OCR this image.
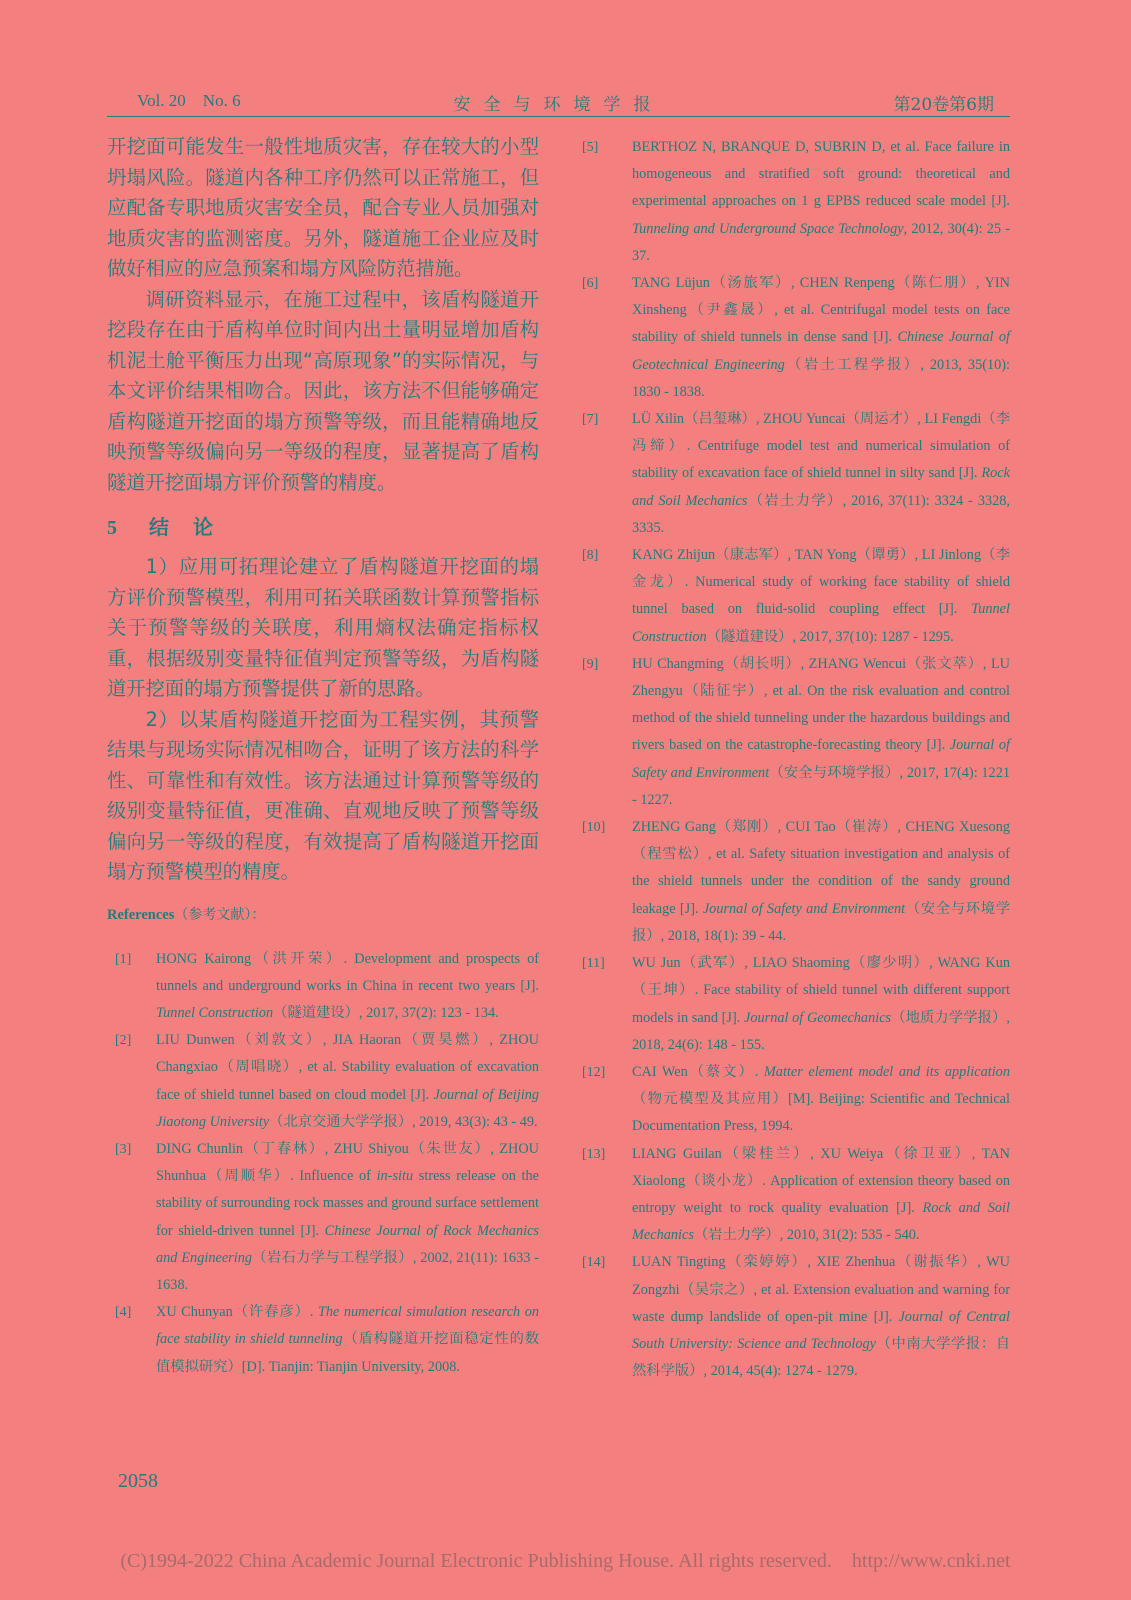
Vol. 20    No. 6	安全与环境学报	第20卷第6期

开挖面可能发生一般性地质灾害，存在较大的小型坍塌风险。隧道内各种工序仍然可以正常施工，但应配备专职地质灾害安全员，配合专业人员加强对地质灾害的监测密度。另外，隧道施工企业应及时做好相应的应急预案和塌方风险防范措施。

调研资料显示，在施工过程中，该盾构隧道开挖段存在由于盾构单位时间内出土量明显增加盾构机泥土舱平衡压力出现“高原现象”的实际情况，与本文评价结果相吻合。因此，该方法不但能够确定盾构隧道开挖面的塌方预警等级，而且能精确地反映预警等级偏向另一等级的程度，显著提高了盾构隧道开挖面塌方评价预警的精度。

5 结论

1）应用可拓理论建立了盾构隧道开挖面的塌方评价预警模型，利用可拓关联函数计算预警指标关于预警等级的关联度，利用熵权法确定指标权重，根据级别变量特征值判定预警等级，为盾构隧道开挖面的塌方预警提供了新的思路。

2）以某盾构隧道开挖面为工程实例，其预警结果与现场实际情况相吻合，证明了该方法的科学性、可靠性和有效性。该方法通过计算预警等级的级别变量特征值，更准确、直观地反映了预警等级偏向另一等级的程度，有效提高了盾构隧道开挖面塌方预警模型的精度。

References（参考文献）：
[1] HONG Kairong（洪开荣）. Development and prospects of tunnels and underground works in China in recent two years [J]. Tunnel Construction（隧道建设）, 2017, 37(2): 123 - 134.
[2] LIU Dunwen（刘敦文）, JIA Haoran（贾昊燃）, ZHOU Changxiao（周唱晓）, et al. Stability evaluation of excavation face of shield tunnel based on cloud model [J]. Journal of Beijing Jiaotong University（北京交通大学学报）, 2019, 43(3): 43 - 49.
[3] DING Chunlin（丁春林）, ZHU Shiyou（朱世友）, ZHOU Shunhua（周顺华）. Influence of in-situ stress release on the stability of surrounding rock masses and ground surface settlement for shield-driven tunnel [J]. Chinese Journal of Rock Mechanics and Engineering（岩石力学与工程学报）, 2002, 21(11): 1633 - 1638.
[4] XU Chunyan（许春彦）. The numerical simulation research on face stability in shield tunneling（盾构隧道开挖面稳定性的数值模拟研究）[D]. Tianjin: Tianjin University, 2008.
[5] BERTHOZ N, BRANQUE D, SUBRIN D, et al. Face failure in homogeneous and stratified soft ground: theoretical and experimental approaches on 1 g EPBS reduced scale model [J]. Tunneling and Underground Space Technology, 2012, 30(4): 25 - 37.
[6] TANG Lüjun（汤旅军）, CHEN Renpeng（陈仁朋）, YIN Xinsheng（尹鑫晟）, et al. Centrifugal model tests on face stability of shield tunnels in dense sand [J]. Chinese Journal of Geotechnical Engineering（岩土工程学报）, 2013, 35(10): 1830 - 1838.
[7] LÜ Xilin（吕玺琳）, ZHOU Yuncai（周运才）, LI Fengdi（李冯缔）. Centrifuge model test and numerical simulation of stability of excavation face of shield tunnel in silty sand [J]. Rock and Soil Mechanics（岩土力学）, 2016, 37(11): 3324 - 3328, 3335.
[8] KANG Zhijun（康志军）, TAN Yong（谭勇）, LI Jinlong（李金龙）. Numerical study of working face stability of shield tunnel based on fluid-solid coupling effect [J]. Tunnel Construction（隧道建设）, 2017, 37(10): 1287 - 1295.
[9] HU Changming（胡长明）, ZHANG Wencui（张文萃）, LU Zhengyu（陆征宇）, et al. On the risk evaluation and control method of the shield tunneling under the hazardous buildings and rivers based on the catastrophe-forecasting theory [J]. Journal of Safety and Environment（安全与环境学报）, 2017, 17(4): 1221 - 1227.
[10] ZHENG Gang（郑刚）, CUI Tao（崔涛）, CHENG Xuesong（程雪松）, et al. Safety situation investigation and analysis of the shield tunnels under the condition of the sandy ground leakage [J]. Journal of Safety and Environment（安全与环境学报）, 2018, 18(1): 39 - 44.
[11] WU Jun（武军）, LIAO Shaoming（廖少明）, WANG Kun（王坤）. Face stability of shield tunnel with different support models in sand [J]. Journal of Geomechanics（地质力学学报）, 2018, 24(6): 148 - 155.
[12] CAI Wen（蔡文）. Matter element model and its application（物元模型及其应用）[M]. Beijing: Scientific and Technical Documentation Press, 1994.
[13] LIANG Guilan（梁桂兰）, XU Weiya（徐卫亚）, TAN Xiaolong（谈小龙）. Application of extension theory based on entropy weight to rock quality evaluation [J]. Rock and Soil Mechanics（岩土力学）, 2010, 31(2): 535 - 540.
[14] LUAN Tingting（栾婷婷）, XIE Zhenhua（谢振华）, WU Zongzhi（吴宗之）, et al. Extension evaluation and warning for waste dump landslide of open-pit mine [J]. Journal of Central South University: Science and Technology（中南大学学报：自然科学版）, 2014, 45(4): 1274 - 1279.
2058
(C)1994-2022 China Academic Journal Electronic Publishing House. All rights reserved.    http://www.cnki.net
